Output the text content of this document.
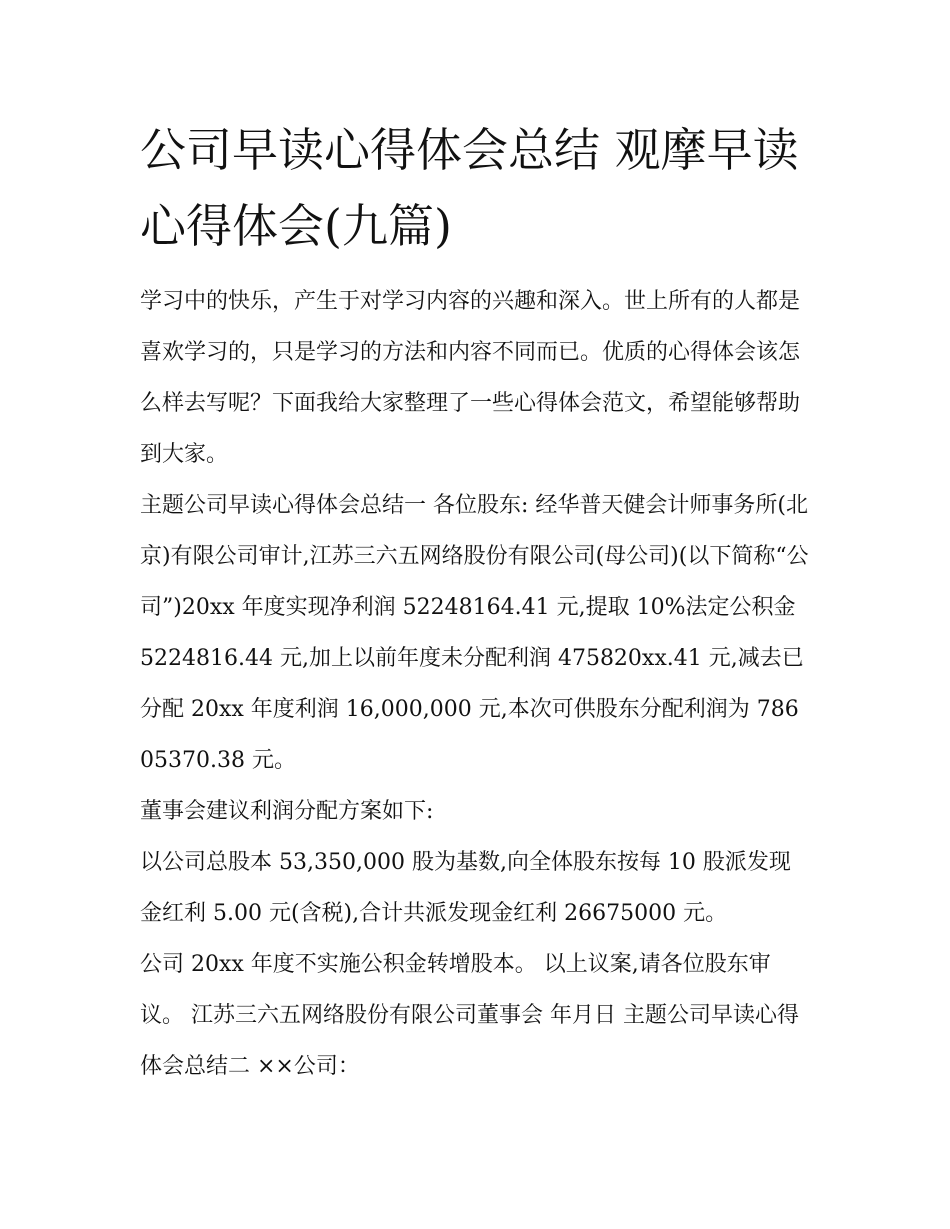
公司早读心得体会总结 观摩早读心得体会(九篇)

学习中的快乐，产生于对学习内容的兴趣和深入。世上所有的人都是喜欢学习的，只是学习的方法和内容不同而已。优质的心得体会该怎么样去写呢？下面我给大家整理了一些心得体会范文，希望能够帮助到大家。

主题公司早读心得体会总结一 各位股东: 经华普天健会计师事务所(北京)有限公司审计,江苏三六五网络股份有限公司(母公司)(以下简称“公司”)20xx 年度实现净利润 52248164.41 元,提取 10%法定公积金 5224816.44 元,加上以前年度未分配利润 475820xx.41 元,减去已分配 20xx 年度利润 16,000,000 元,本次可供股东分配利润为 78605370.38 元。

董事会建议利润分配方案如下:

以公司总股本 53,350,000 股为基数,向全体股东按每 10 股派发现金红利 5.00 元(含税),合计共派发现金红利 26675000 元。

公司 20xx 年度不实施公积金转增股本。 以上议案,请各位股东审议。 江苏三六五网络股份有限公司董事会 年月日 主题公司早读心得体会总结二 ××公司：
